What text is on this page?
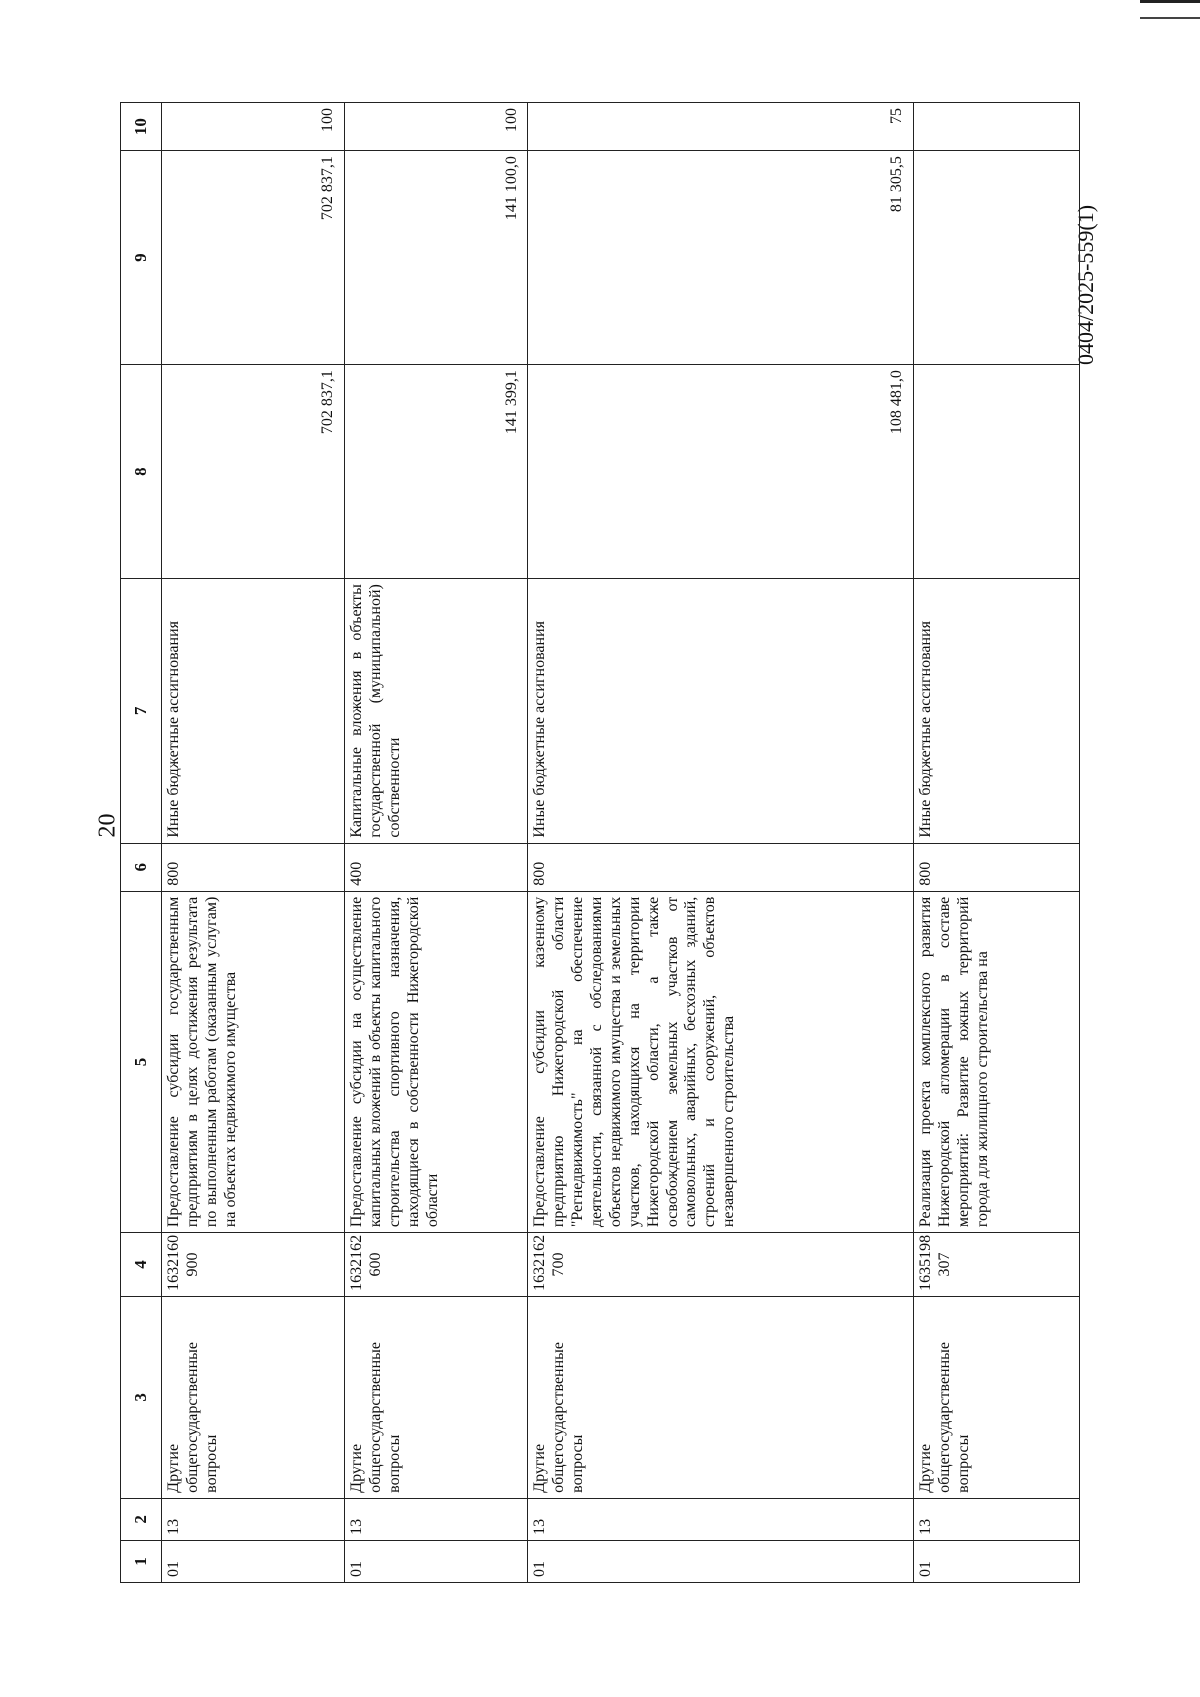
20
0404/2025-559(1)
1	2	3	4	5	6	7	8	9	10
01	13	Другие общегосударственные вопросы	1632160 900	Предоставление субсидии государственным предприятиям в целях достижения результата по выполненным работам (оказанным услугам) на объектах недвижимого имущества	800	Иные бюджетные ассигнования	702 837,1	702 837,1	100
01	13	Другие общегосударственные вопросы	1632162 600	Предоставление субсидии на осуществление капитальных вложений в объекты капитального строительства спортивного назначения, находящиеся в собственности Нижегородской области	400	Капитальные вложения в объекты государственной (муниципальной) собственности	141 399,1	141 100,0	100
01	13	Другие общегосударственные вопросы	1632162 700	Предоставление субсидии казенному предприятию Нижегородской области "Регнедвижимость" на обеспечение деятельности, связанной с обследованиями объектов недвижимого имущества и земельных участков, находящихся на территории Нижегородской области, а также освобождением земельных участков от самовольных, аварийных, бесхозных зданий, строений и сооружений, объектов незавершенного строительства	800	Иные бюджетные ассигнования	108 481,0	81 305,5	75
01	13	Другие общегосударственные вопросы	1635198 307	Реализация проекта комплексного развития Нижегородской агломерации в составе мероприятий: Развитие южных территорий города для жилищного строительства на	800	Иные бюджетные ассигнования			
